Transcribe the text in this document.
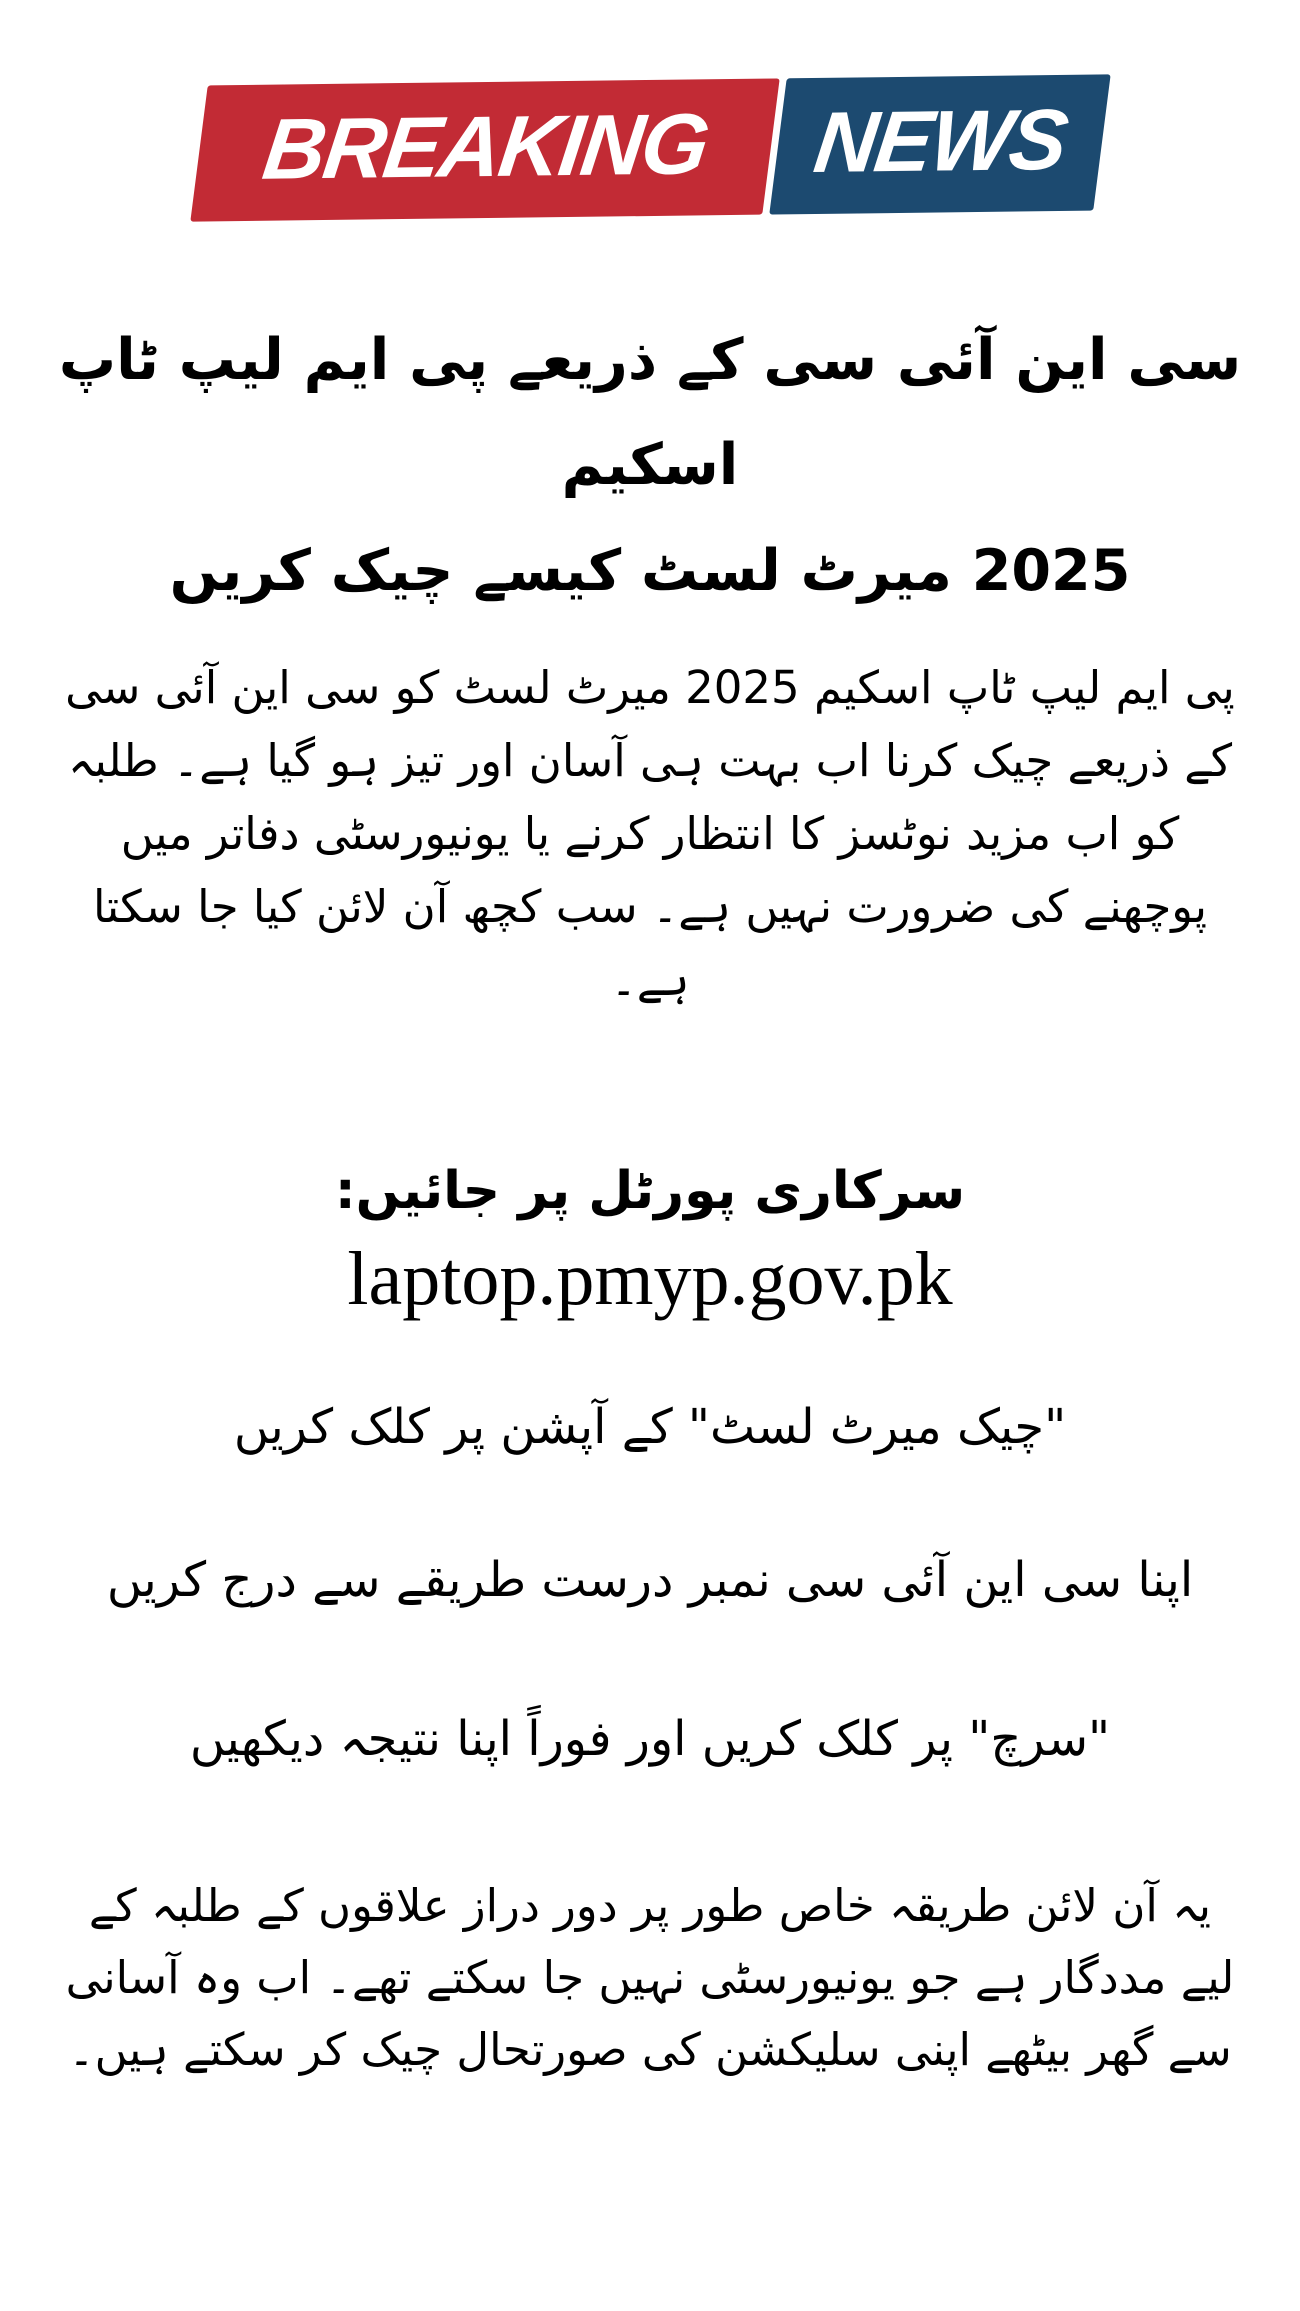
BREAKING NEWS
سی این آئی سی کے ذریعے پی ایم لیپ ٹاپ اسکیم
2025 میرٹ لسٹ کیسے چیک کریں
پی ایم لیپ ٹاپ اسکیم 2025 میرٹ لسٹ کو سی این آئی سی کے ذریعے چیک کرنا اب بہت ہی آسان اور تیز ہو گیا ہے۔ طلبہ کو اب مزید نوٹسز کا انتظار کرنے یا یونیورسٹی دفاتر میں پوچھنے کی ضرورت نہیں ہے۔ سب کچھ آن لائن کیا جا سکتا ہے۔
سرکاری پورٹل پر جائیں:
laptop.pmyp.gov.pk
"چیک میرٹ لسٹ" کے آپشن پر کلک کریں
اپنا سی این آئی سی نمبر درست طریقے سے درج کریں
"سرچ" پر کلک کریں اور فوراً اپنا نتیجہ دیکھیں
یہ آن لائن طریقہ خاص طور پر دور دراز علاقوں کے طلبہ کے لیے مددگار ہے جو یونیورسٹی نہیں جا سکتے تھے۔ اب وہ آسانی سے گھر بیٹھے اپنی سلیکشن کی صورتحال چیک کر سکتے ہیں۔
